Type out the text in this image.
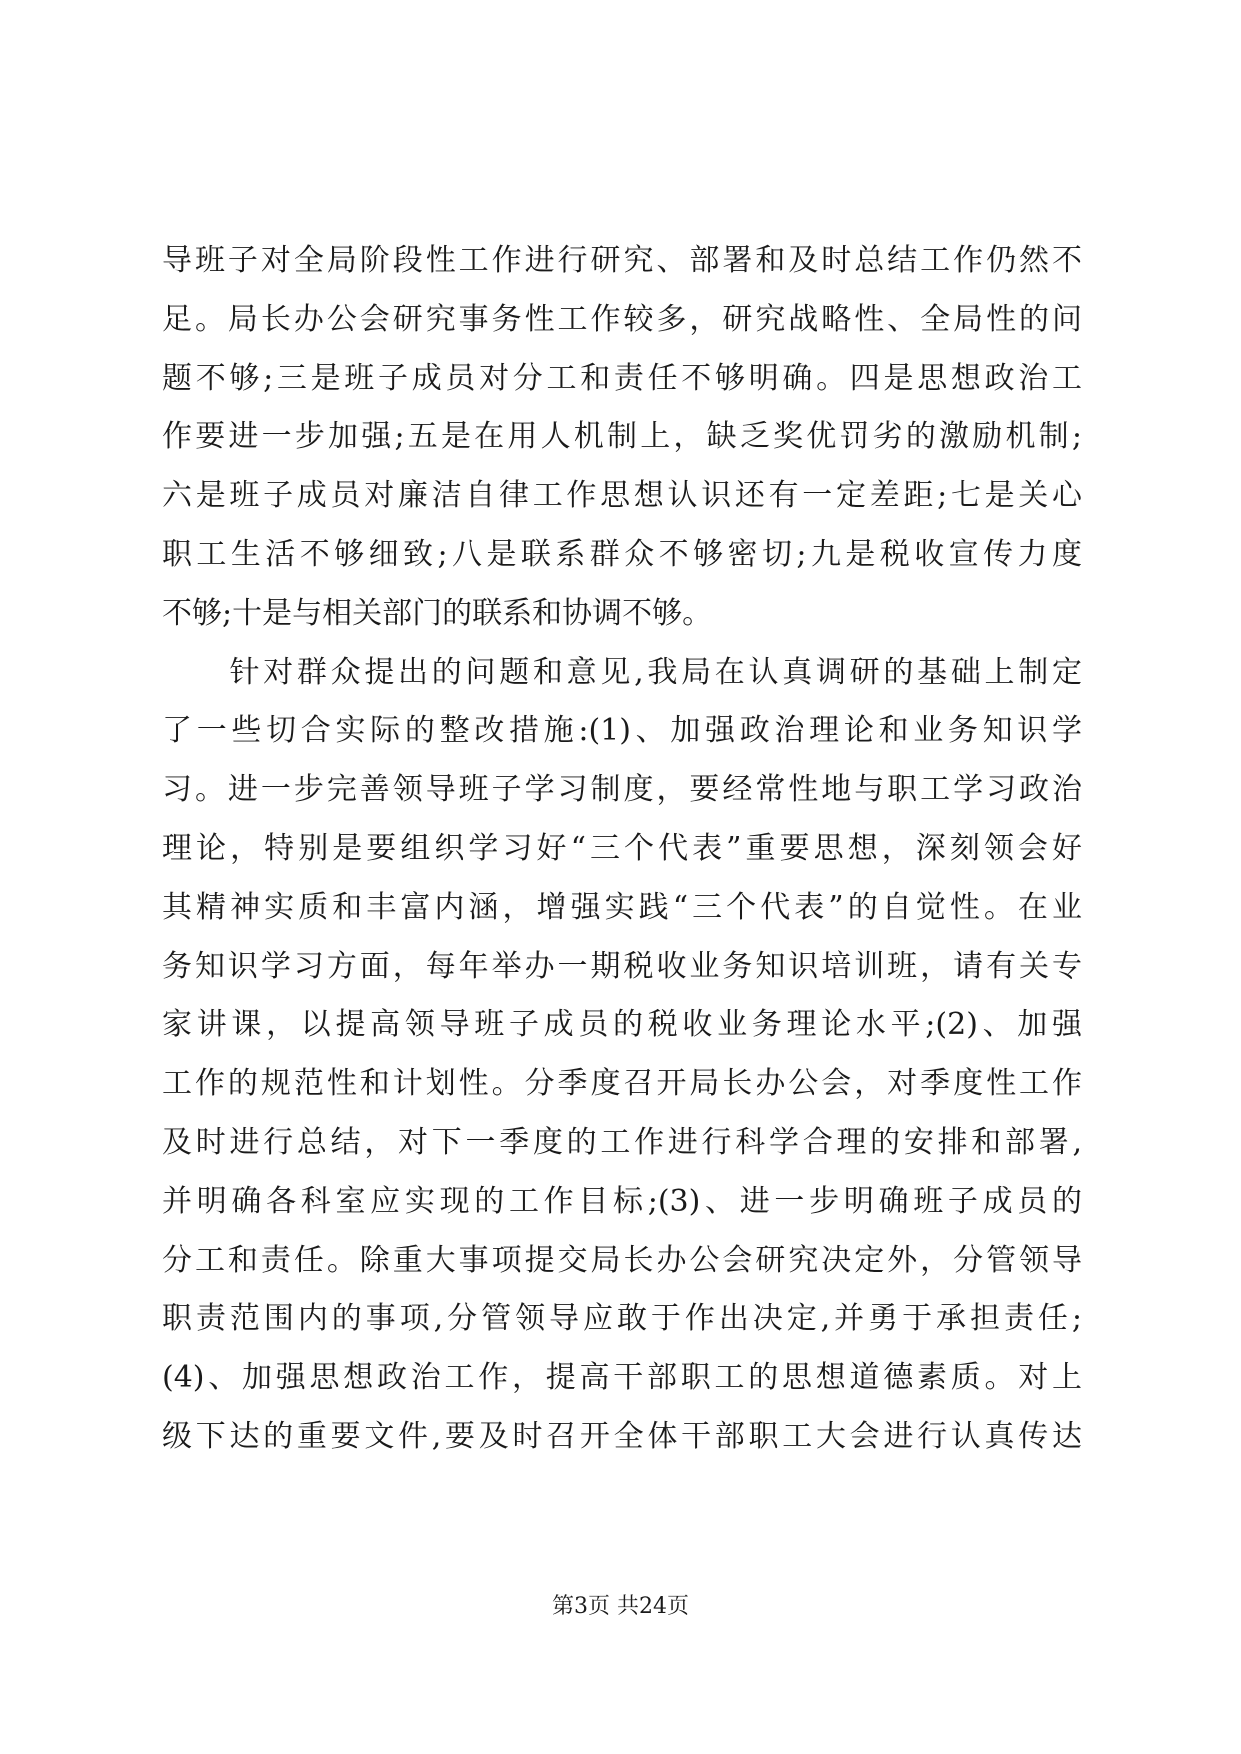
导班子对全局阶段性工作进行研究、部署和及时总结工作仍然不
足。局长办公会研究事务性工作较多，研究战略性、全局性的问
题不够;三是班子成员对分工和责任不够明确。四是思想政治工
作要进一步加强;五是在用人机制上，缺乏奖优罚劣的激励机制;
六是班子成员对廉洁自律工作思想认识还有一定差距;七是关心
职工生活不够细致;八是联系群众不够密切;九是税收宣传力度
不够;十是与相关部门的联系和协调不够。
　　针对群众提出的问题和意见,我局在认真调研的基础上制定
了一些切合实际的整改措施:(1)、加强政治理论和业务知识学
习。进一步完善领导班子学习制度，要经常性地与职工学习政治
理论，特别是要组织学习好“三个代表”重要思想，深刻领会好
其精神实质和丰富内涵，增强实践“三个代表”的自觉性。在业
务知识学习方面，每年举办一期税收业务知识培训班，请有关专
家讲课，以提高领导班子成员的税收业务理论水平;(2)、加强
工作的规范性和计划性。分季度召开局长办公会，对季度性工作
及时进行总结，对下一季度的工作进行科学合理的安排和部署,
并明确各科室应实现的工作目标;(3)、进一步明确班子成员的
分工和责任。除重大事项提交局长办公会研究决定外，分管领导
职责范围内的事项,分管领导应敢于作出决定,并勇于承担责任;
(4)、加强思想政治工作，提高干部职工的思想道德素质。对上
级下达的重要文件,要及时召开全体干部职工大会进行认真传达
第3页 共24页
